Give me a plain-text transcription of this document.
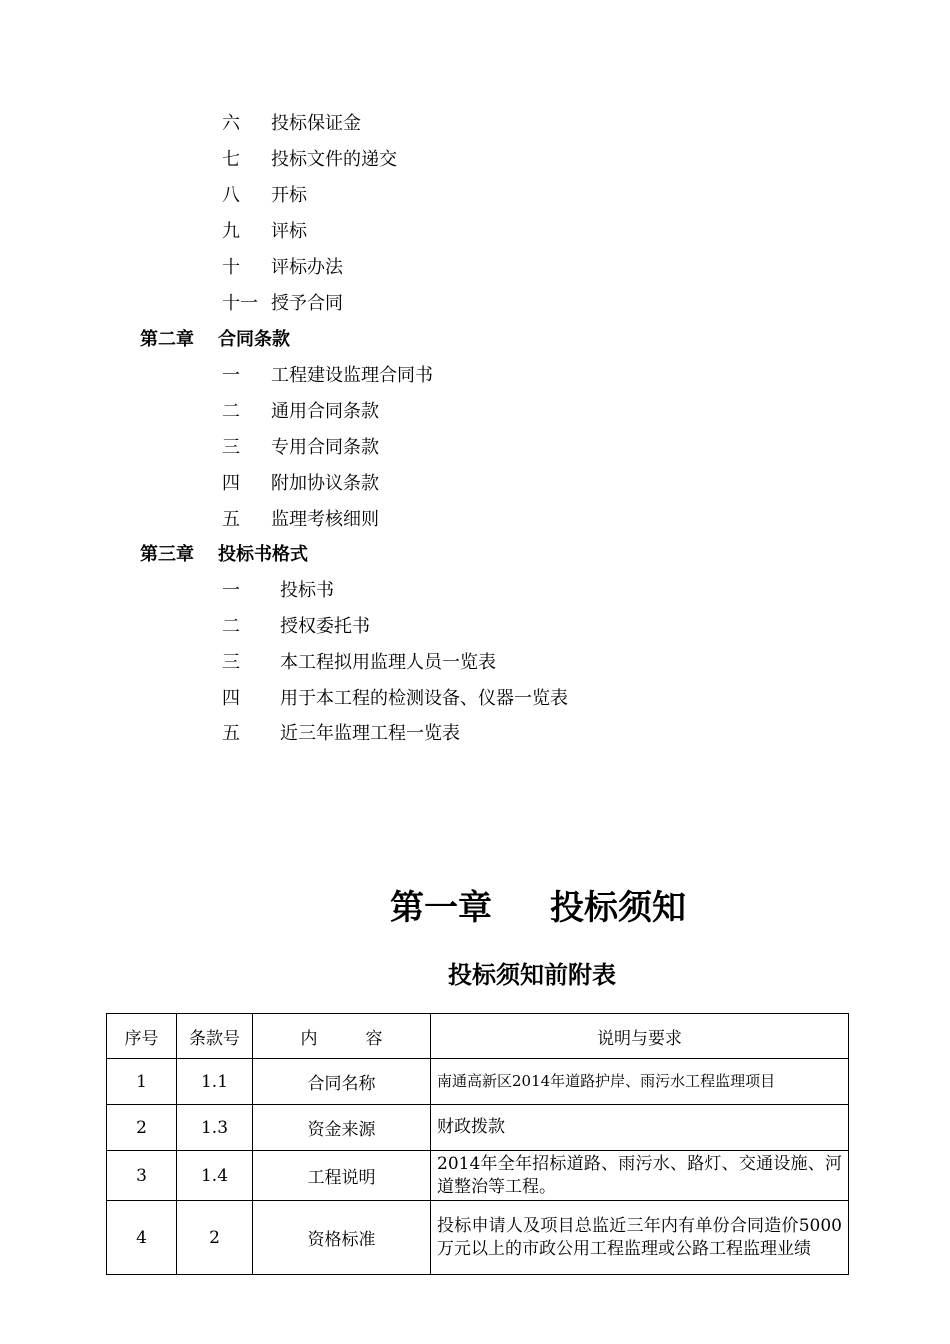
六 投标保证金
七 投标文件的递交
八 开标
九 评标
十 评标办法
十一 授予合同
第二章 合同条款
一 工程建设监理合同书
二 通用合同条款
三 专用合同条款
四 附加协议条款
五 监理考核细则
第三章 投标书格式
一 投标书
二 授权委托书
三 本工程拟用监理人员一览表
四 用于本工程的检测设备、仪器一览表
五 近三年监理工程一览表
第一章 投标须知
投标须知前附表
序号	条款号	内 容	说明与要求
1	1.1	合同名称	南通高新区2014年道路护岸、雨污水工程监理项目
2	1.3	资金来源	财政拨款
3	1.4	工程说明	2014年全年招标道路、雨污水、路灯、交通设施、河道整治等工程。
4	2	资格标准	投标申请人及项目总监近三年内有单份合同造价5000万元以上的市政公用工程监理或公路工程监理业绩
